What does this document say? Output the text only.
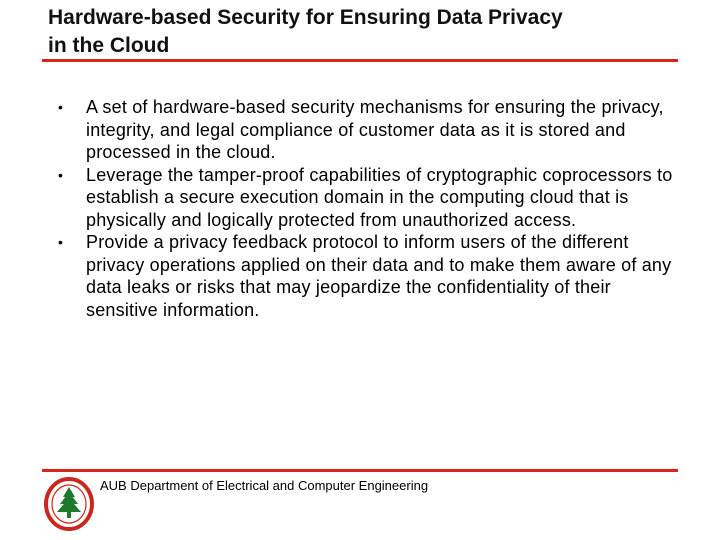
Hardware-based Security for Ensuring Data Privacy
in the Cloud
• A set of hardware-based security mechanisms for ensuring the privacy, integrity, and legal compliance of customer data as it is stored and processed in the cloud.
• Leverage the tamper-proof capabilities of cryptographic coprocessors to establish a secure execution domain in the computing cloud that is physically and logically protected from unauthorized access.
• Provide a privacy feedback protocol to inform users of the different privacy operations applied on their data and to make them aware of any data leaks or risks that may jeopardize the confidentiality of their sensitive information.
AUB Department of Electrical and Computer Engineering
